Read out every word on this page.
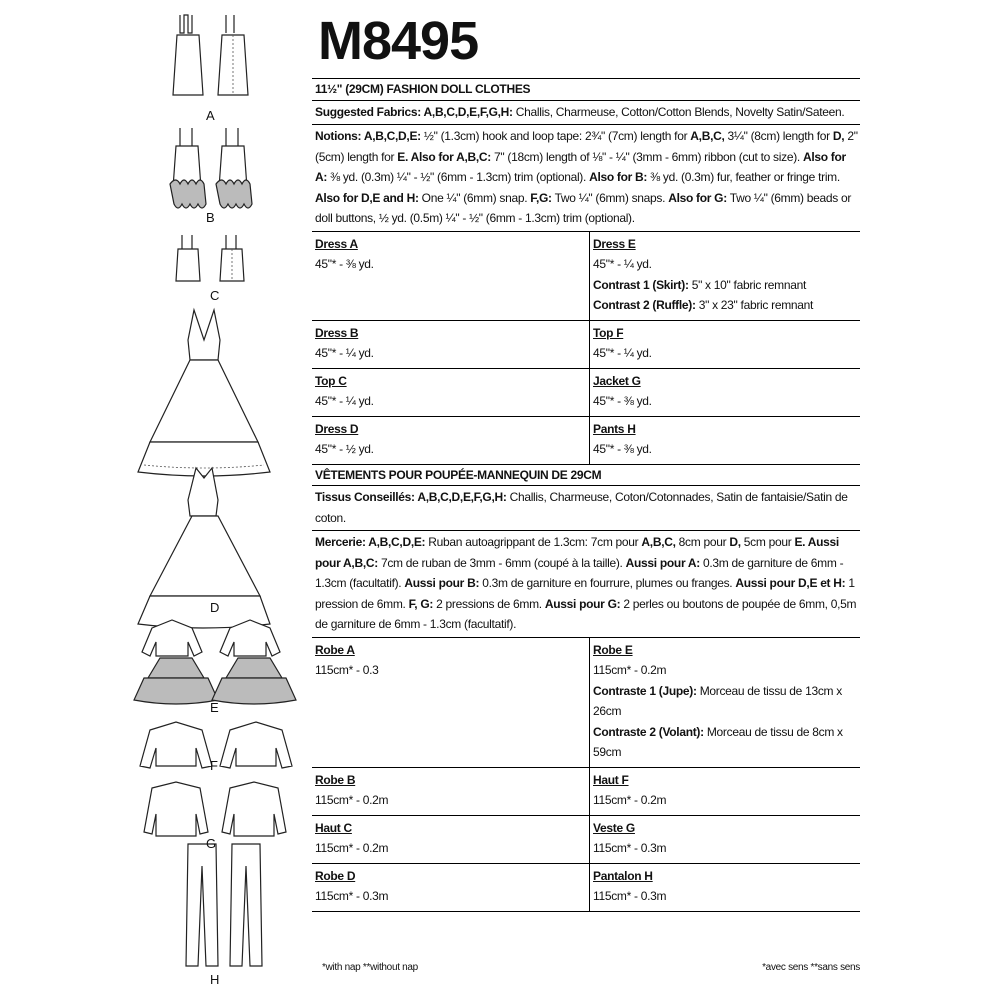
A
B
C
D
E
F
G
H
M8495
11½" (29CM) FASHION DOLL CLOTHES
Suggested Fabrics: A,B,C,D,E,F,G,H: Challis, Charmeuse, Cotton/Cotton Blends, Novelty Satin/Sateen.
Notions: A,B,C,D,E: ½" (1.3cm) hook and loop tape: 2¾" (7cm) length for A,B,C, 3¼" (8cm) length for D, 2" (5cm) length for E. Also for A,B,C: 7" (18cm) length of ⅛" - ¼" (3mm - 6mm) ribbon (cut to size). Also for A: ⅜ yd. (0.3m) ¼" - ½" (6mm - 1.3cm) trim (optional). Also for B: ⅜ yd. (0.3m) fur, feather or fringe trim. Also for D,E and H: One ¼" (6mm) snap. F,G: Two ¼" (6mm) snaps. Also for G: Two ¼" (6mm) beads or doll buttons, ½ yd. (0.5m) ¼" - ½" (6mm - 1.3cm) trim (optional).
Dress A
45"* - ⅜ yd.
Dress E
45"* - ¼ yd.
Contrast 1 (Skirt): 5" x 10" fabric remnant
Contrast 2 (Ruffle): 3" x 23" fabric remnant
Dress B
45"* - ¼ yd.
Top F
45"* - ¼ yd.
Top C
45"* - ¼ yd.
Jacket G
45"* - ⅜ yd.
Dress D
45"* - ½ yd.
Pants H
45"* - ⅜ yd.
VÊTEMENTS POUR POUPÉE-MANNEQUIN DE 29CM
Tissus Conseillés: A,B,C,D,E,F,G,H: Challis, Charmeuse, Coton/Cotonnades, Satin de fantaisie/Satin de coton.
Mercerie: A,B,C,D,E: Ruban autoagrippant de 1.3cm: 7cm pour A,B,C, 8cm pour D, 5cm pour E. Aussi pour A,B,C: 7cm de ruban de 3mm - 6mm (coupé à la taille). Aussi pour A: 0.3m de garniture de 6mm - 1.3cm (facultatif). Aussi pour B: 0.3m de garniture en fourrure, plumes ou franges. Aussi pour D,E et H: 1 pression de 6mm. F, G: 2 pressions de 6mm. Aussi pour G: 2 perles ou boutons de poupée de 6mm, 0,5m de garniture de 6mm - 1.3cm (facultatif).
Robe A
115cm* - 0.3
Robe E
115cm* - 0.2m
Contraste 1 (Jupe): Morceau de tissu de 13cm x 26cm
Contraste 2 (Volant): Morceau de tissu de 8cm x 59cm
Robe B
115cm* - 0.2m
Haut F
115cm* - 0.2m
Haut C
115cm* - 0.2m
Veste G
115cm* - 0.3m
Robe D
115cm* - 0.3m
Pantalon H
115cm* - 0.3m
*with nap **without nap	*avec sens **sans sens
